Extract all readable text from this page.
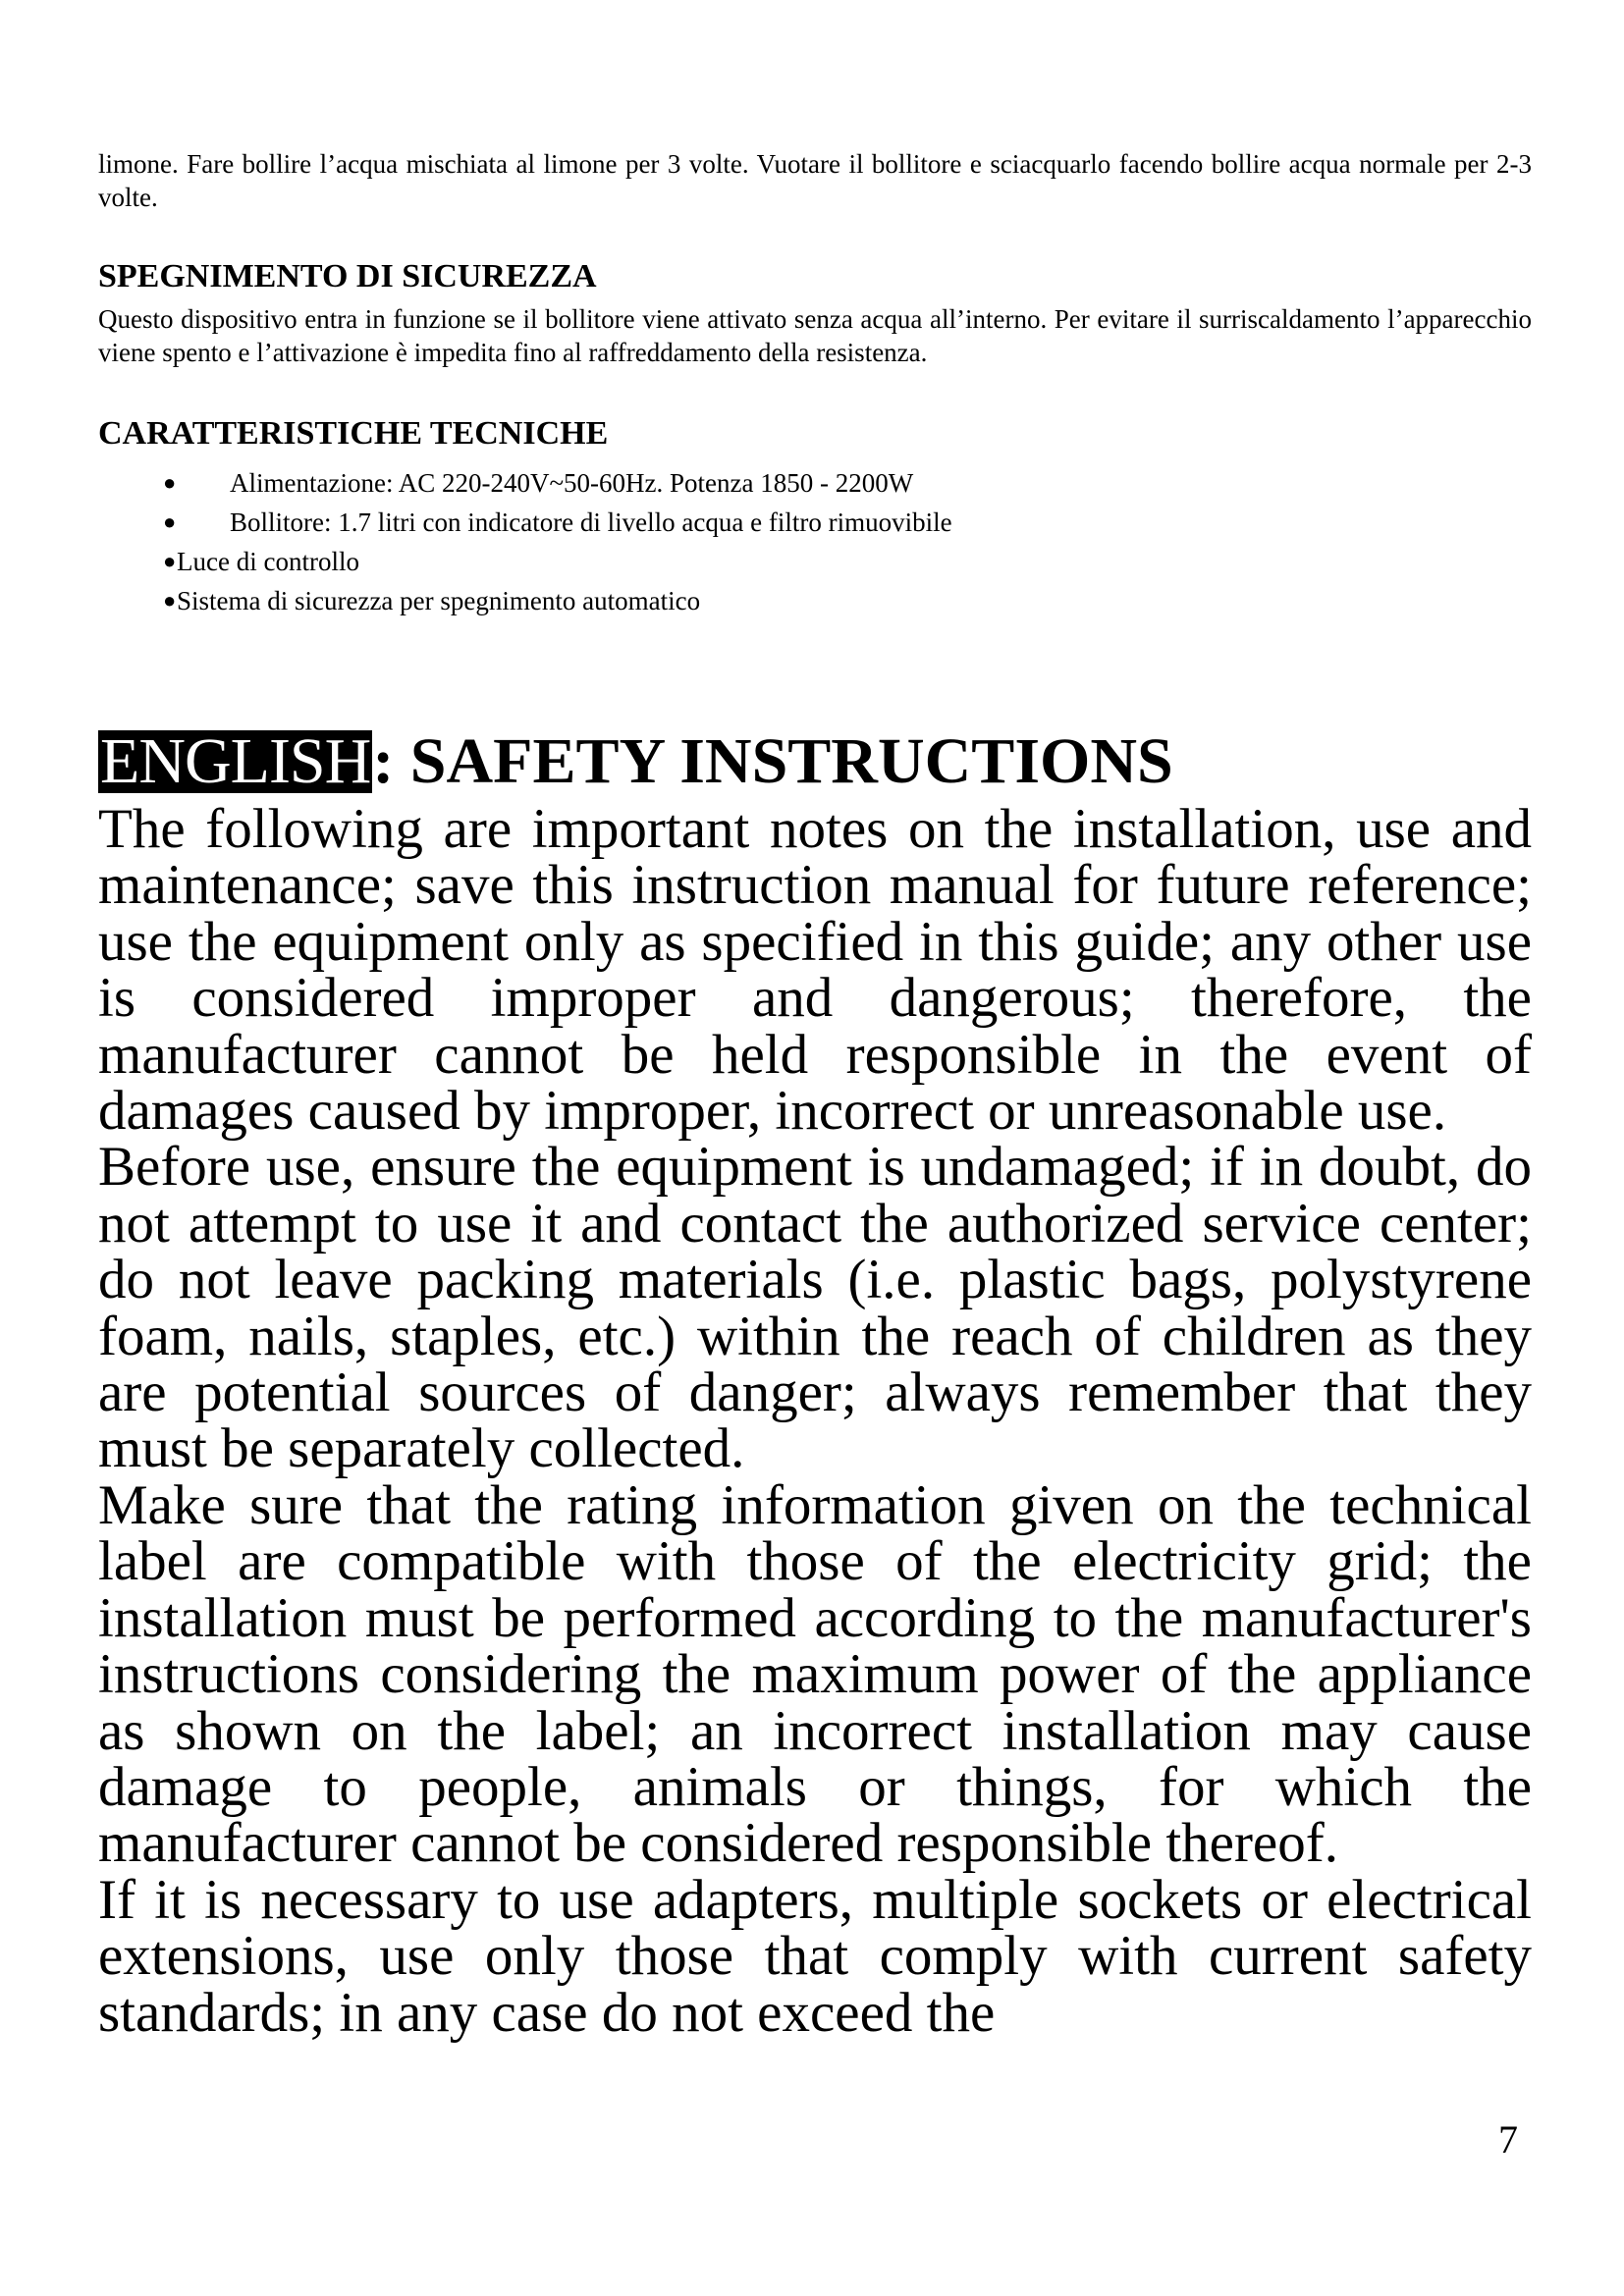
limone. Fare bollire l’acqua mischiata al limone per 3 volte. Vuotare il bollitore e sciacquarlo facendo bollire acqua normale per 2-3 volte.

SPEGNIMENTO DI SICUREZZA

Questo dispositivo entra in funzione se il bollitore viene attivato senza acqua all’interno. Per evitare il surriscaldamento l’apparecchio viene spento e l’attivazione è impedita fino al raffreddamento della resistenza.

CARATTERISTICHE TECNICHE
● Alimentazione: AC 220-240V~50-60Hz. Potenza 1850 - 2200W
● Bollitore: 1.7 litri con indicatore di livello acqua e filtro rimuovibile
● Luce di controllo
● Sistema di sicurezza per spegnimento automatico
ENGLISH: SAFETY INSTRUCTIONS

The following are important notes on the installation, use and maintenance; save this instruction manual for future reference; use the equipment only as specified in this guide; any other use is considered improper and dangerous; therefore, the manufacturer cannot be held responsible in the event of damages caused by improper, incorrect or unreasonable use.

Before use, ensure the equipment is undamaged; if in doubt, do not attempt to use it and contact the authorized service center; do not leave packing materials (i.e. plastic bags, polystyrene foam, nails, staples, etc.) within the reach of children as they are potential sources of danger; always remember that they must be separately collected.

Make sure that the rating information given on the technical label are compatible with those of the electricity grid; the installation must be performed according to the manufacturer's instructions considering the maximum power of the appliance as shown on the label; an incorrect installation may cause damage to people, animals or things, for which the manufacturer cannot be considered responsible thereof.

If it is necessary to use adapters, multiple sockets or electrical extensions, use only those that comply with current safety standards; in any case do not exceed the

7
